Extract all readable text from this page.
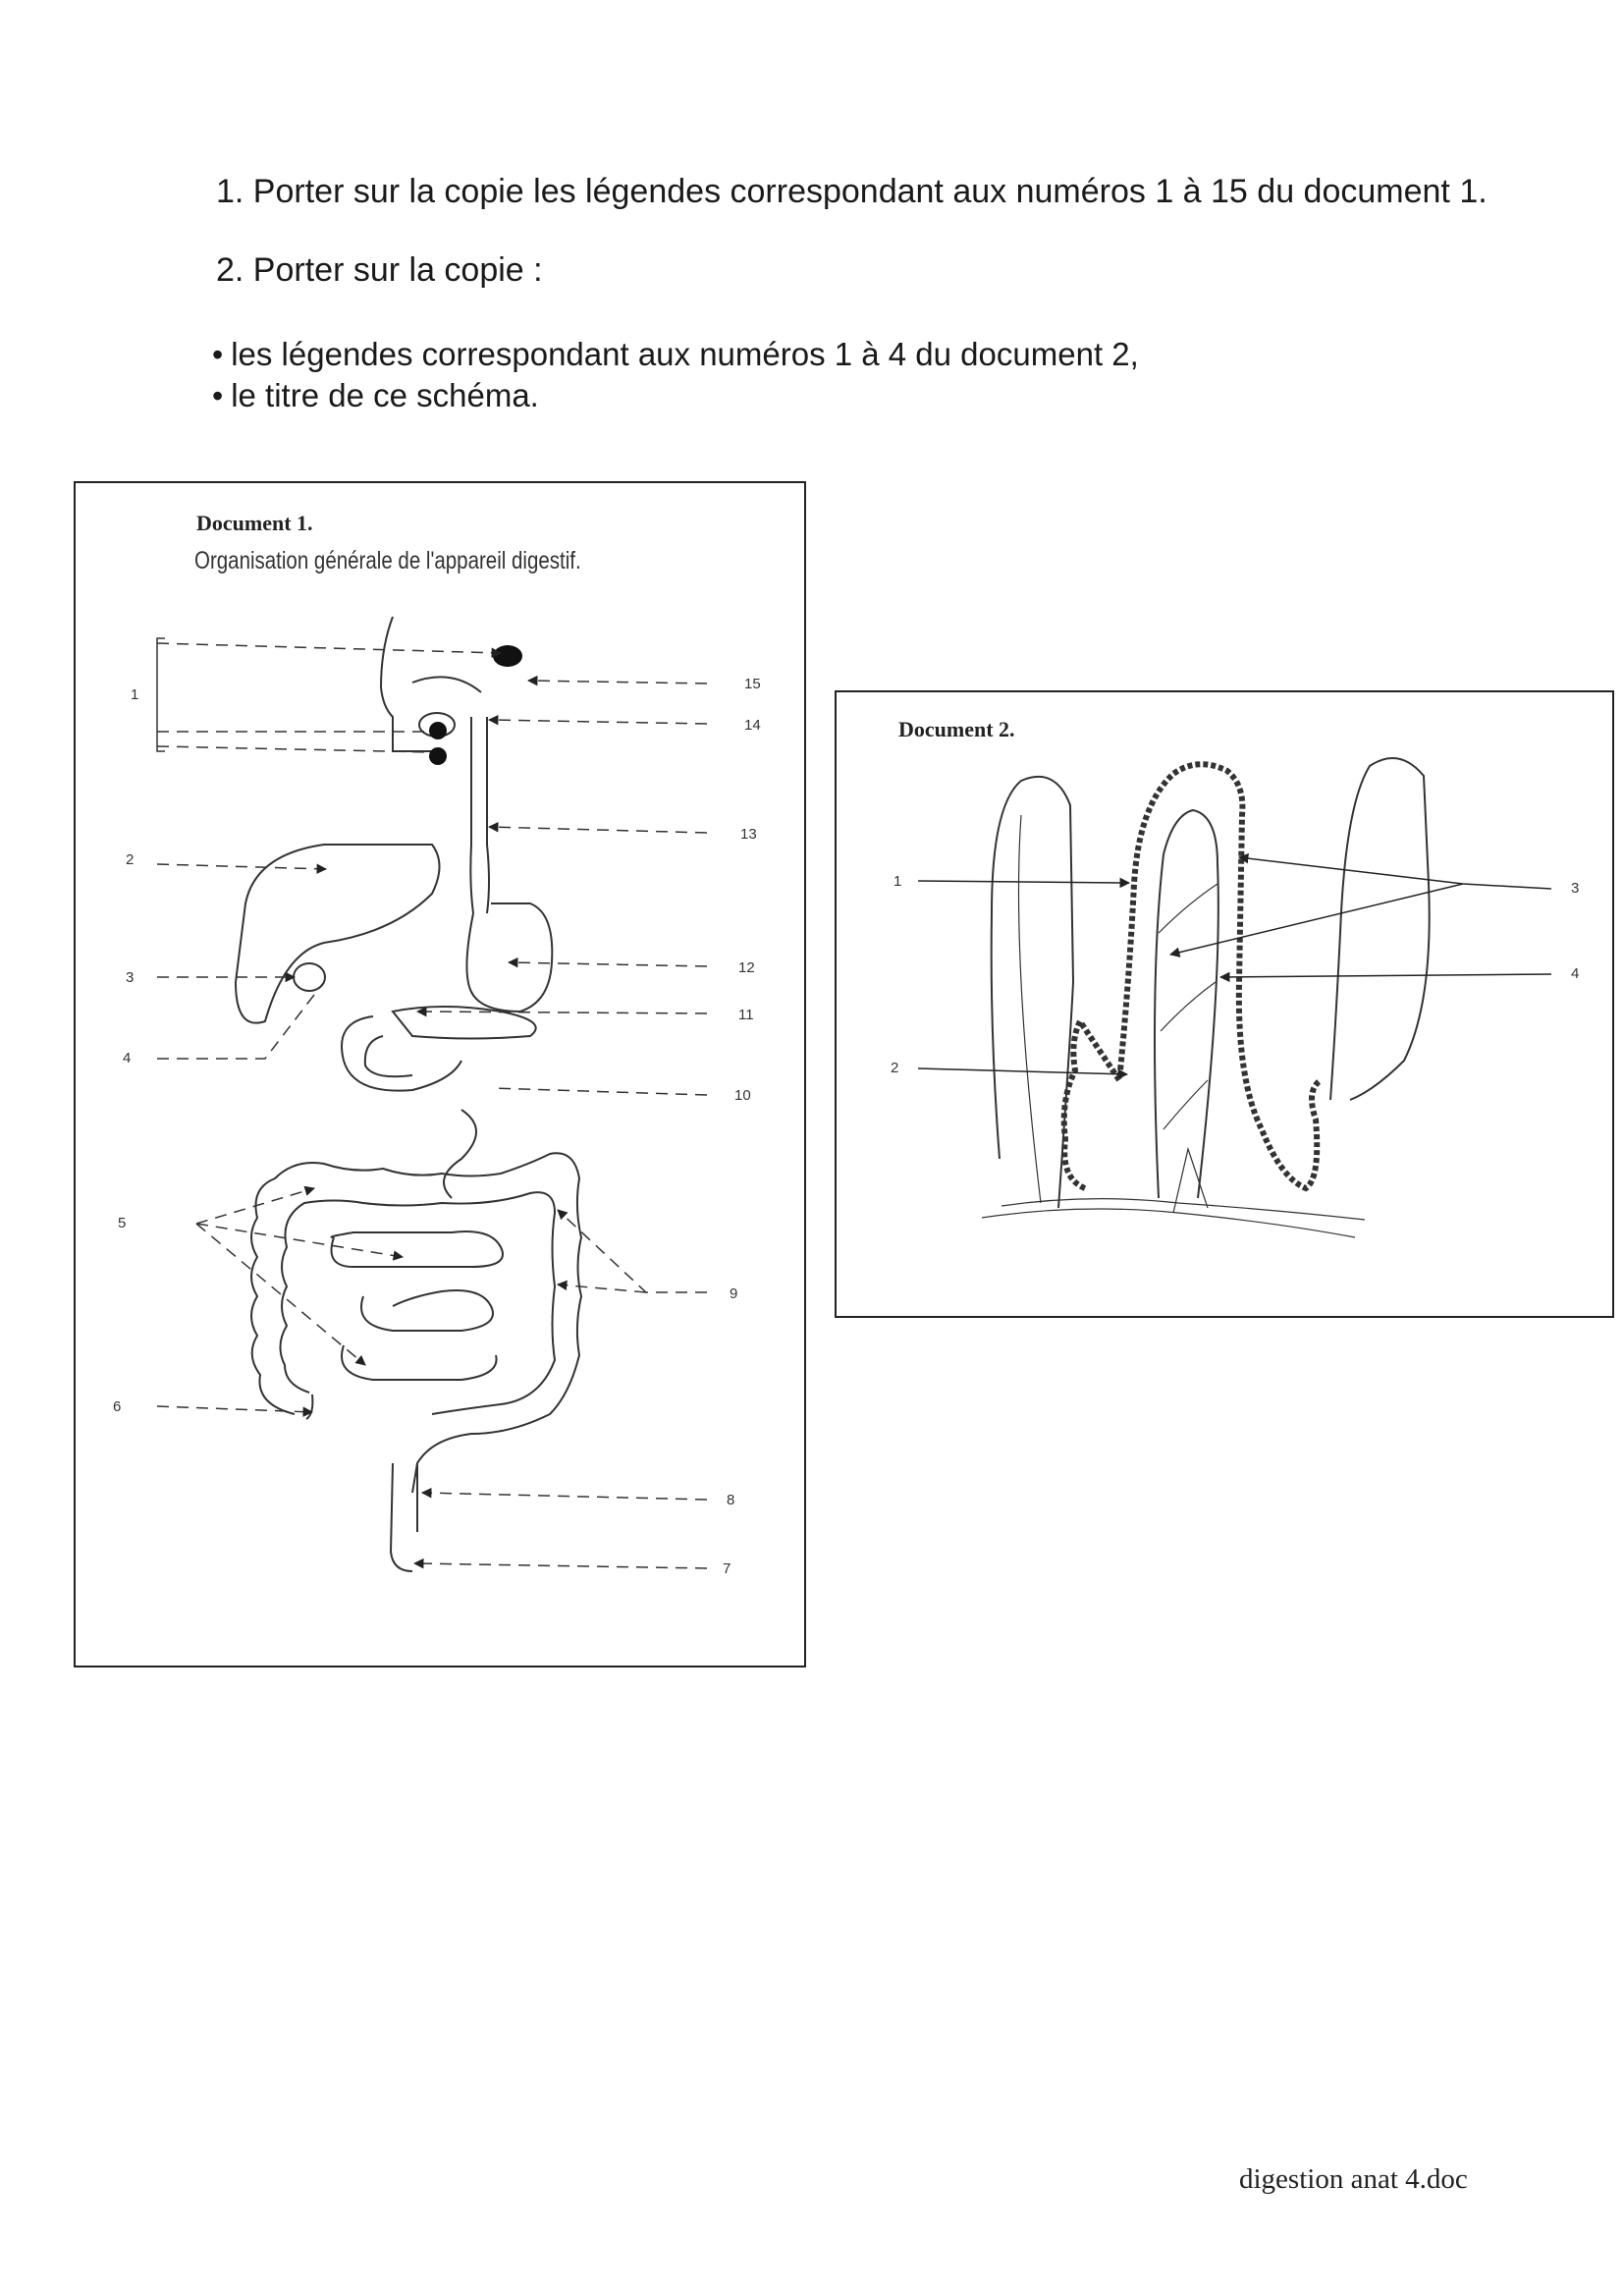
1. Porter sur la copie les légendes correspondant aux numéros 1 à 15 du document 1.
2. Porter sur la copie :
• les légendes correspondant aux numéros 1 à 4 du document 2,
• le titre de ce schéma.
Document 1.
Organisation générale de l'appareil digestif.
Document 2.
1
2
3
4
5
6
7
8
9
10
11
12
13
14
15
1
2
3
4
digestion anat 4.doc
